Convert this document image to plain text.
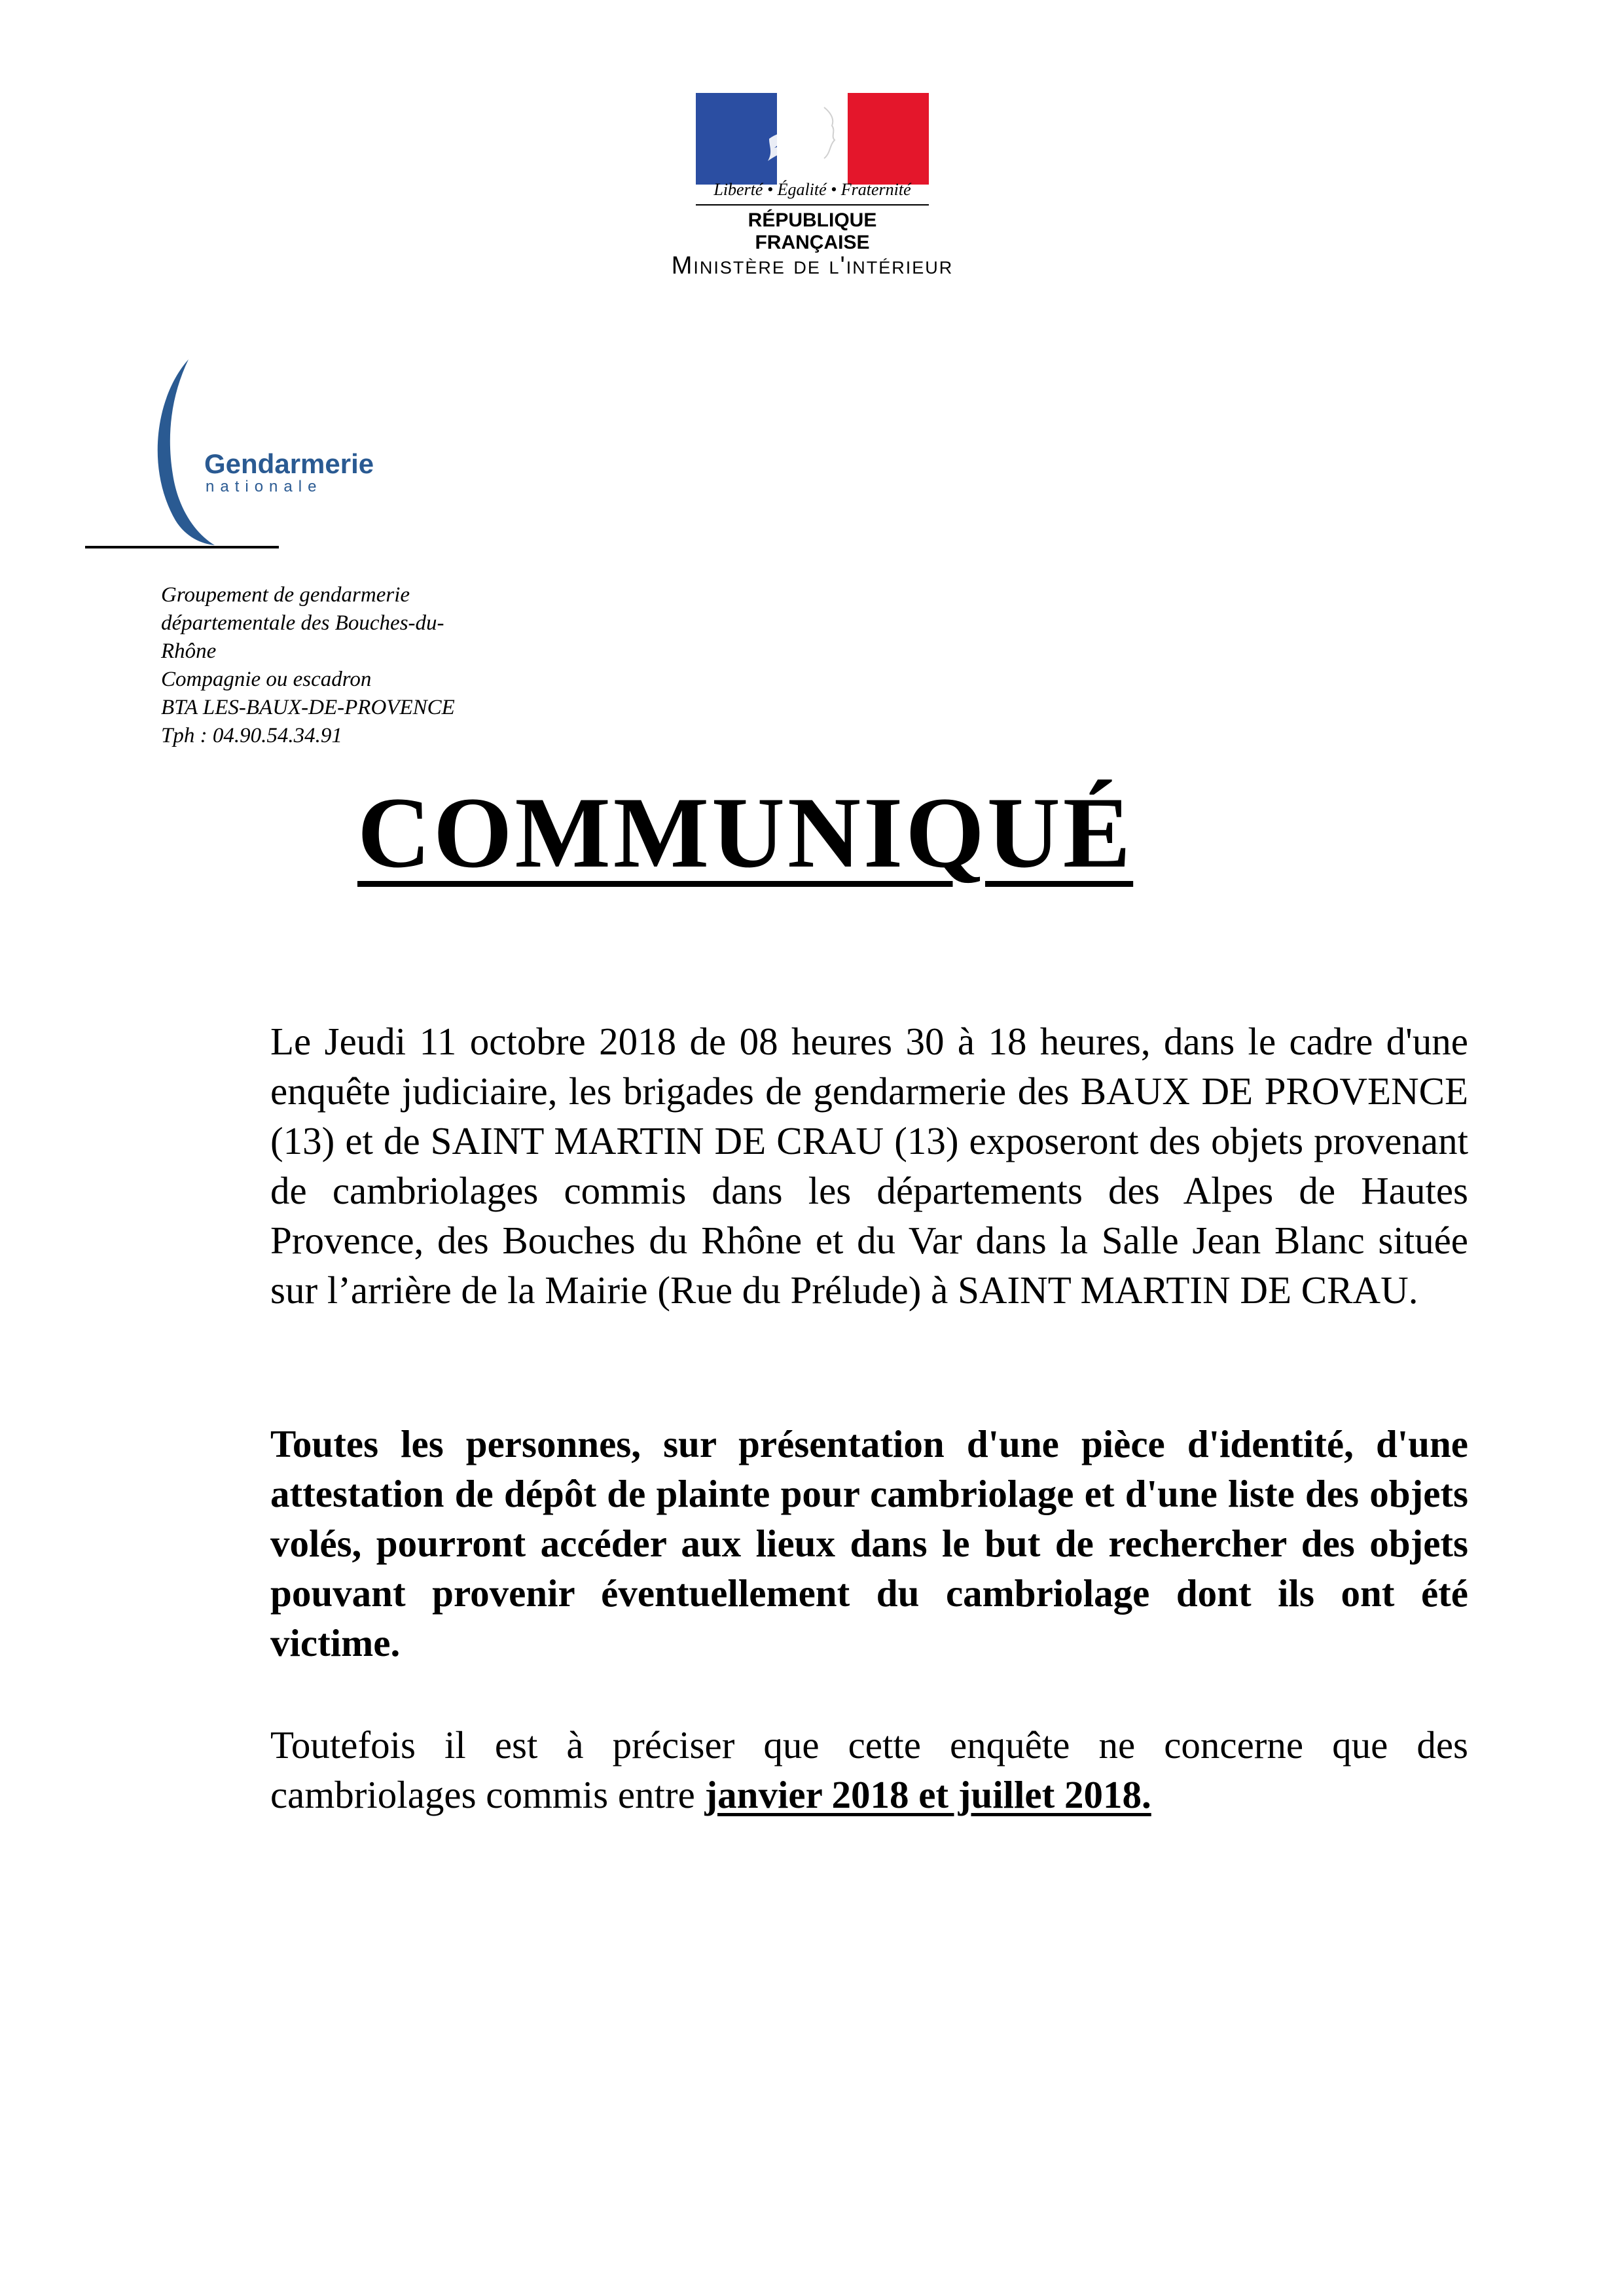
Liberté • Égalité • Fraternité
RÉPUBLIQUE FRANÇAISE
Ministère de l'intérieur
Gendarmerie
nationale
Groupement de gendarmerie
départementale des Bouches-du-
Rhône
Compagnie ou escadron
BTA LES-BAUX-DE-PROVENCE
Tph : 04.90.54.34.91
COMMUNIQUÉ

Le Jeudi 11 octobre 2018 de 08 heures 30 à 18 heures, dans le cadre d'une enquête judiciaire, les brigades de gendarmerie des BAUX DE PROVENCE (13) et de SAINT MARTIN DE CRAU (13) exposeront des objets provenant de cambriolages commis dans les départements des Alpes de Hautes Provence, des Bouches du Rhône et du Var dans la Salle Jean Blanc située sur l’arrière de la Mairie (Rue du Prélude) à SAINT MARTIN DE CRAU.

Toutes les personnes, sur présentation d'une pièce d'identité, d'une attestation de dépôt de plainte pour cambriolage et d'une liste des objets volés, pourront accéder aux lieux dans le but de rechercher des objets pouvant provenir éventuellement du cambriolage dont ils ont été victime.

Toutefois il est à préciser que cette enquête ne concerne que des cambriolages commis entre janvier 2018 et juillet 2018.
